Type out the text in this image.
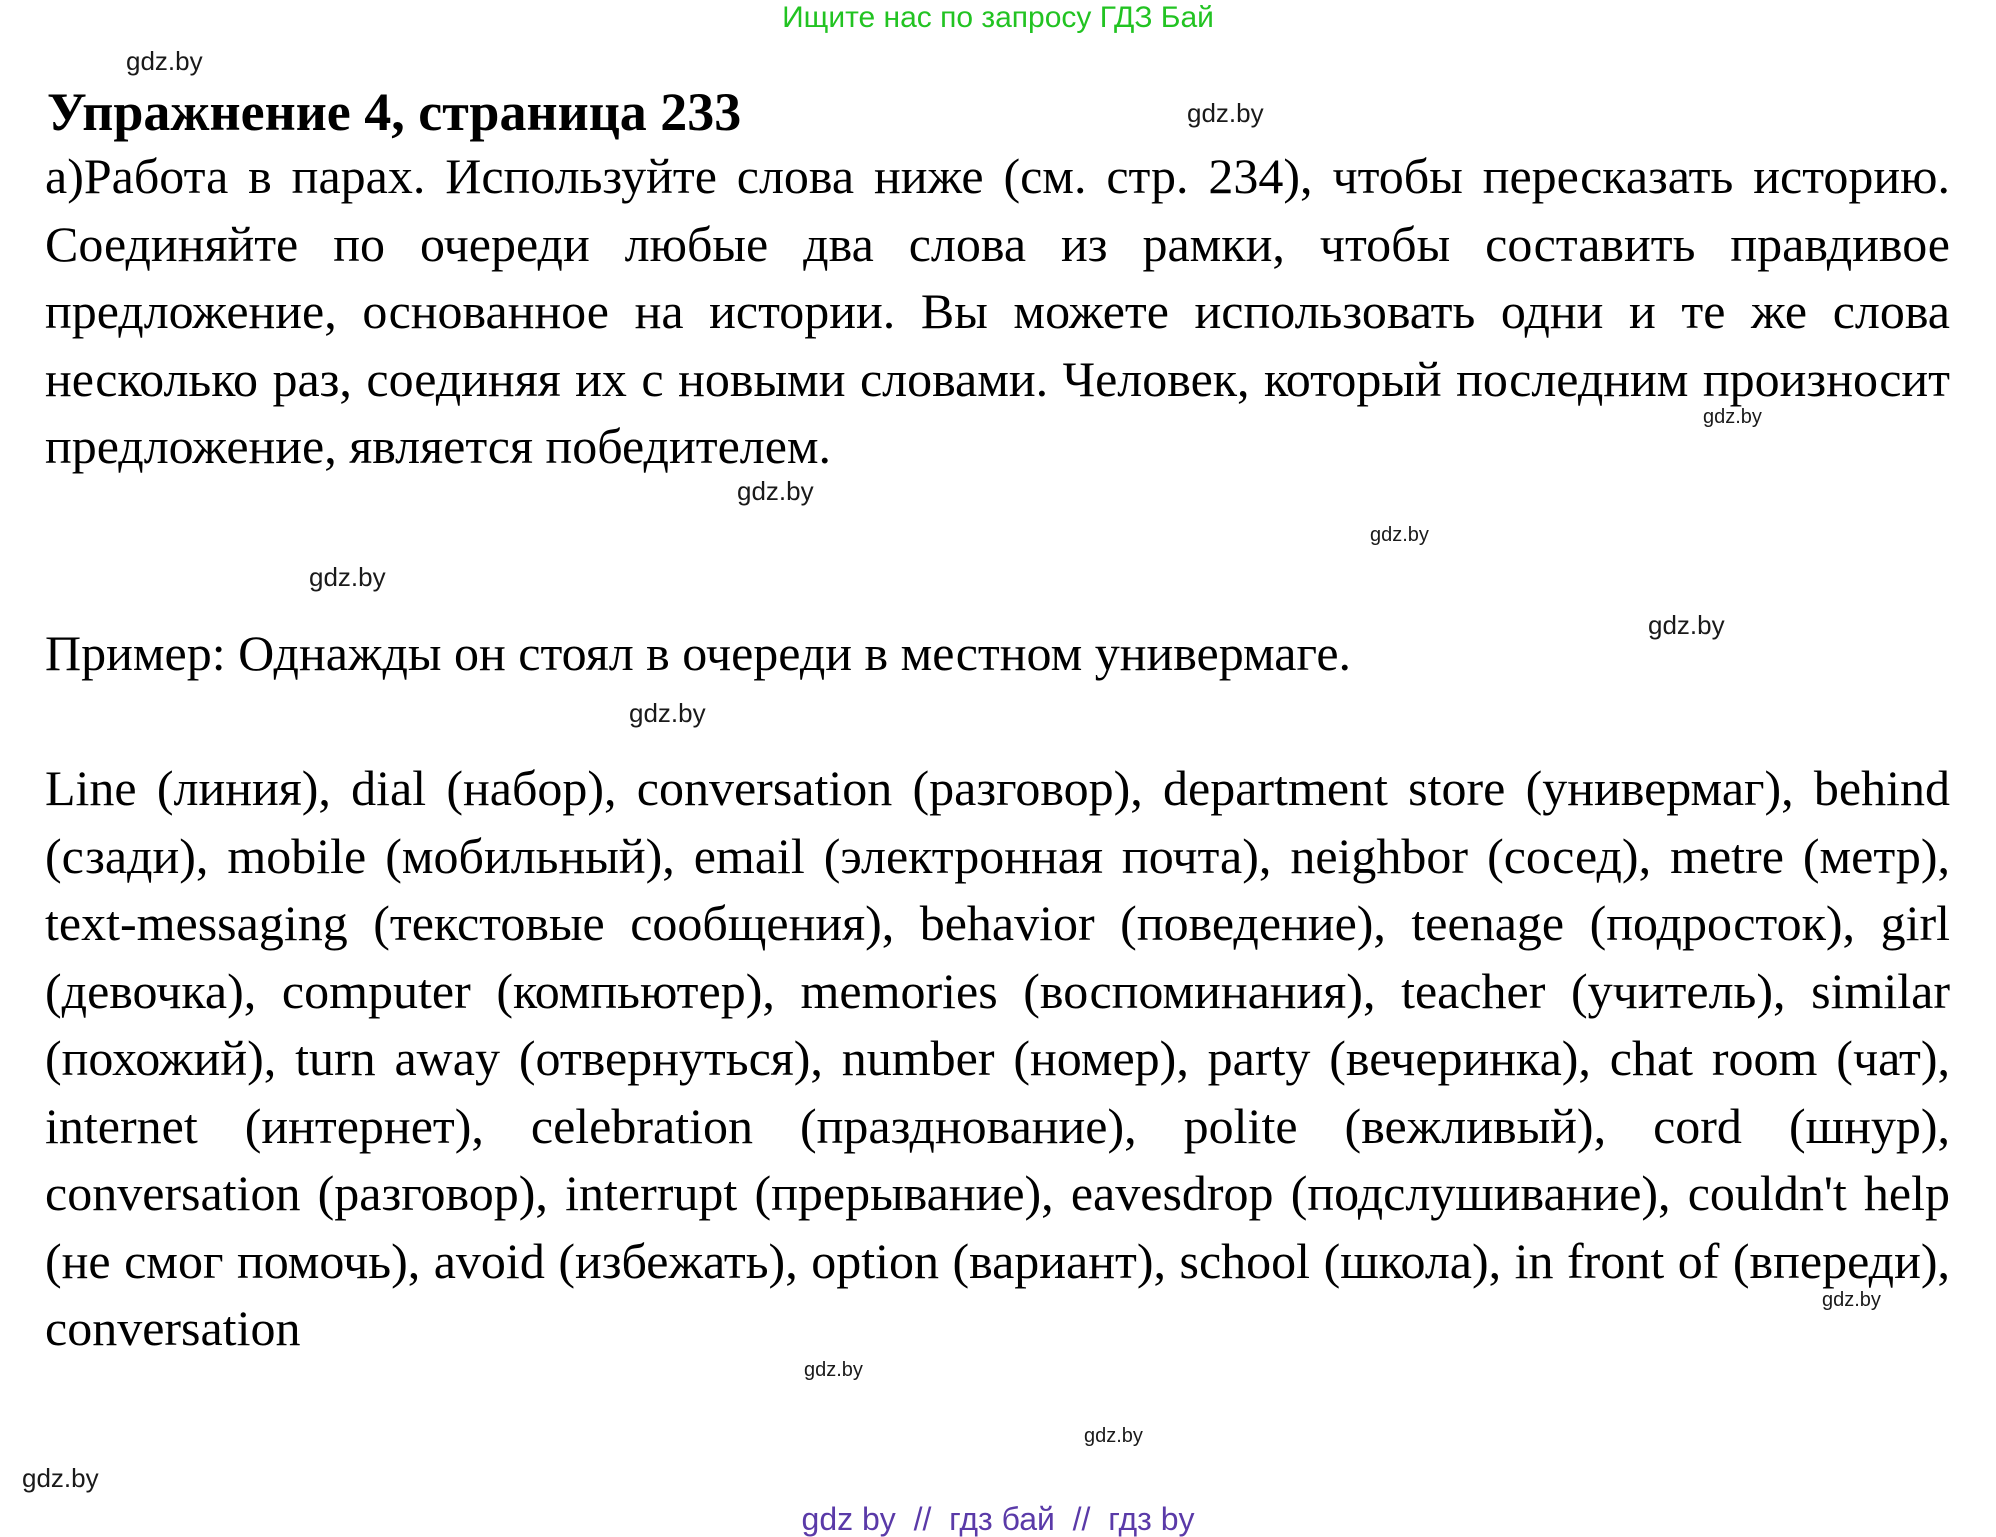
Ищите нас по запросу ГДЗ Бай
gdz.by
gdz.by
gdz.by
gdz.by
gdz.by
gdz.by
gdz.by
gdz.by
gdz.by
gdz.by
gdz.by
gdz.by
Упражнение 4, страница 233
а)Работа в парах. Используйте слова ниже (см. стр. 234), чтобы пересказать историю. Соединяйте по очереди любые два слова из рамки, чтобы составить правдивое предложение, основанное на истории. Вы можете использовать одни и те же слова несколько раз, соединяя их с новыми словами. Человек, который последним произносит предложение, является победителем.
Пример: Однажды он стоял в очереди в местном универмаге.
Line (линия), dial (набор), conversation (разговор), department store (универмаг), behind (сзади), mobile (мобильный), email (электронная почта), neighbor (сосед), metre (метр), text-messaging (текстовые сообщения), behavior (поведение), teenage (подросток), girl (девочка), computer (компьютер), memories (воспоминания), teacher (учитель), similar (похожий), turn away (отвернуться), number (номер), party (вечеринка), chat room (чат), internet (интернет), celebration (празднование), polite (вежливый), cord (шнур), conversation (разговор), interrupt (прерывание), eavesdrop (подслушивание), couldn't help (не смог помочь), avoid (избежать), option (вариант), school (школа), in front of (впереди), conversation
gdz by  //  гдз бай  //  гдз by
